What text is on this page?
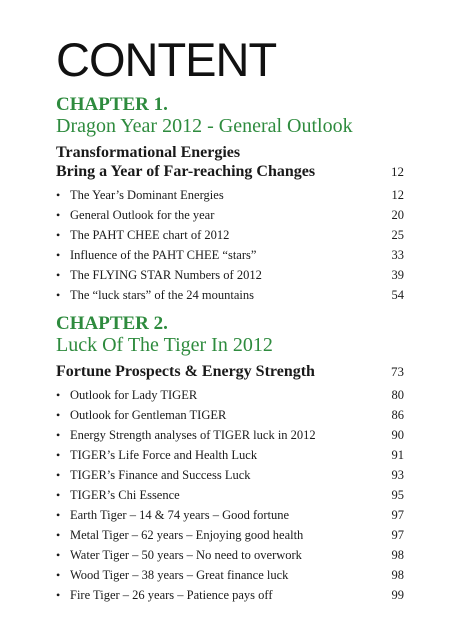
CONTENT
CHAPTER 1.
Dragon Year 2012 - General Outlook
Transformational Energies
Bring a Year of Far-reaching Changes	12
• The Year’s Dominant Energies	12
• General Outlook for the year	20
• The PAHT CHEE chart of 2012	25
• Influence of the PAHT CHEE “stars”	33
• The FLYING STAR Numbers of 2012	39
• The “luck stars” of the 24 mountains	54
CHAPTER 2.
Luck Of The Tiger In 2012
Fortune Prospects & Energy Strength	73
• Outlook for Lady TIGER	80
• Outlook for Gentleman TIGER	86
• Energy Strength analyses of TIGER luck in 2012	90
• TIGER’s Life Force and Health Luck	91
• TIGER’s Finance and Success Luck	93
• TIGER’s Chi Essence	95
• Earth Tiger – 14 & 74 years – Good fortune	97
• Metal Tiger – 62 years – Enjoying good health	97
• Water Tiger – 50 years – No need to overwork	98
• Wood Tiger – 38 years – Great finance luck	98
• Fire Tiger – 26 years – Patience pays off	99
